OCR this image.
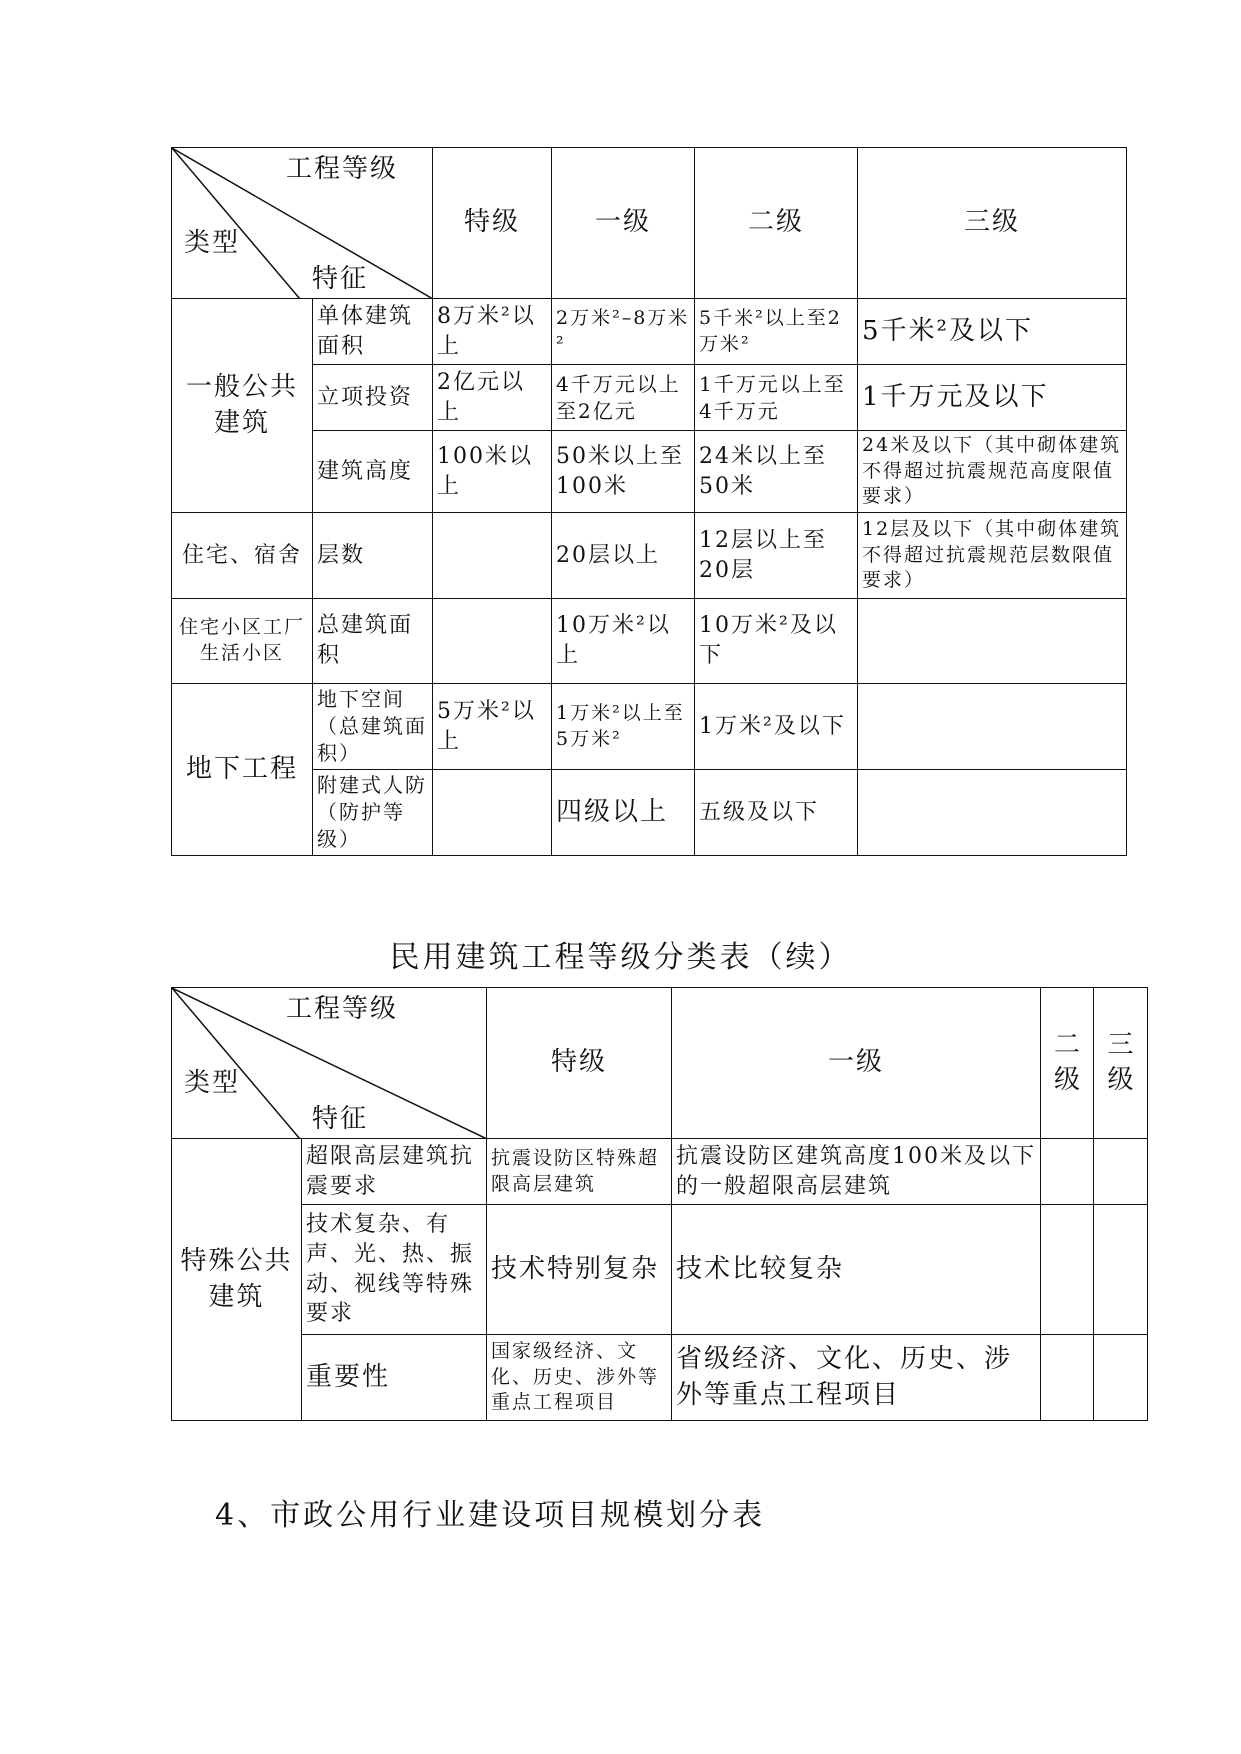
工程等级
类型
特征		特级	一级	二级	三级
一般公共建筑	单体建筑面积	8万米²以上	2万米²–8万米²	5千米²以上至2万米²	5千米²及以下
	立项投资	2亿元以上	4千万元以上至2亿元	1千万元以上至4千万元	1千万元及以下
	建筑高度	100米以上	50米以上至100米	24米以上至50米	24米及以下（其中砌体建筑不得超过抗震规范高度限值要求）
住宅、宿舍	层数		20层以上	12层以上至20层	12层及以下（其中砌体建筑不得超过抗震规范层数限值要求）
住宅小区工厂生活小区	总建筑面积		10万米²以上	10万米²及以下	
地下工程	地下空间（总建筑面积）	5万米²以上	1万米²以上至5万米²	1万米²及以下	
	附建式人防（防护等级）		四级以上	五级及以下	
民用建筑工程等级分类表（续）
工程等级
类型
特征		特级	一级	二级	三级
特殊公共建筑	超限高层建筑抗震要求	抗震设防区特殊超限高层建筑	抗震设防区建筑高度100米及以下的一般超限高层建筑		
	技术复杂、有声、光、热、振动、视线等特殊要求	技术特别复杂	技术比较复杂		
	重要性	国家级经济、文化、历史、涉外等重点工程项目	省级经济、文化、历史、涉外等重点工程项目		
4、市政公用行业建设项目规模划分表
